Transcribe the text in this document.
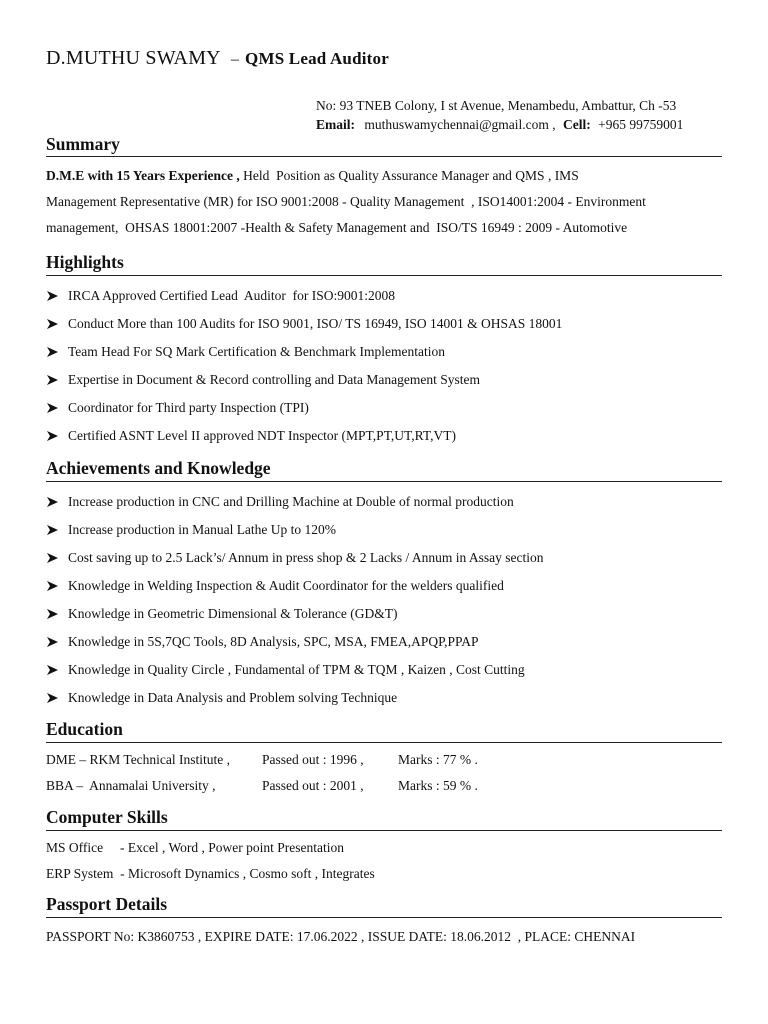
D.MUTHU SWAMY – QMS Lead Auditor
No: 93 TNEB Colony, I st Avenue, Menambedu, Ambattur, Ch -53
Email: muthuswamychennai@gmail.com , Cell: +965 99759001
Summary
D.M.E with 15 Years Experience , Held  Position as Quality Assurance Manager and QMS , IMS
Management Representative (MR) for ISO 9001:2008 - Quality Management  , ISO14001:2004 - Environment
management,  OHSAS 18001:2007 -Health & Safety Management and  ISO/TS 16949 : 2009 - Automotive
Highlights
IRCA Approved Certified Lead  Auditor  for ISO:9001:2008
Conduct More than 100 Audits for ISO 9001, ISO/ TS 16949, ISO 14001 & OHSAS 18001
Team Head For SQ Mark Certification & Benchmark Implementation
Expertise in Document & Record controlling and Data Management System
Coordinator for Third party Inspection (TPI)
Certified ASNT Level II approved NDT Inspector (MPT,PT,UT,RT,VT)
Achievements and Knowledge
Increase production in CNC and Drilling Machine at Double of normal production
Increase production in Manual Lathe Up to 120%
Cost saving up to 2.5 Lack’s/ Annum in press shop & 2 Lacks / Annum in Assay section
Knowledge in Welding Inspection & Audit Coordinator for the welders qualified
Knowledge in Geometric Dimensional & Tolerance (GD&T)
Knowledge in 5S,7QC Tools, 8D Analysis, SPC, MSA, FMEA,APQP,PPAP
Knowledge in Quality Circle , Fundamental of TPM & TQM , Kaizen , Cost Cutting
Knowledge in Data Analysis and Problem solving Technique
Education
DME – RKM Technical Institute , Passed out : 1996 ,	Marks : 77 % .
BBA –  Annamalai University ,	Passed out : 2001 ,	Marks : 59 % .
Computer Skills
MS Office     - Excel , Word , Power point Presentation
ERP System  - Microsoft Dynamics , Cosmo soft , Integrates
Passport Details
PASSPORT No: K3860753 , EXPIRE DATE: 17.06.2022 , ISSUE DATE: 18.06.2012  , PLACE: CHENNAI
